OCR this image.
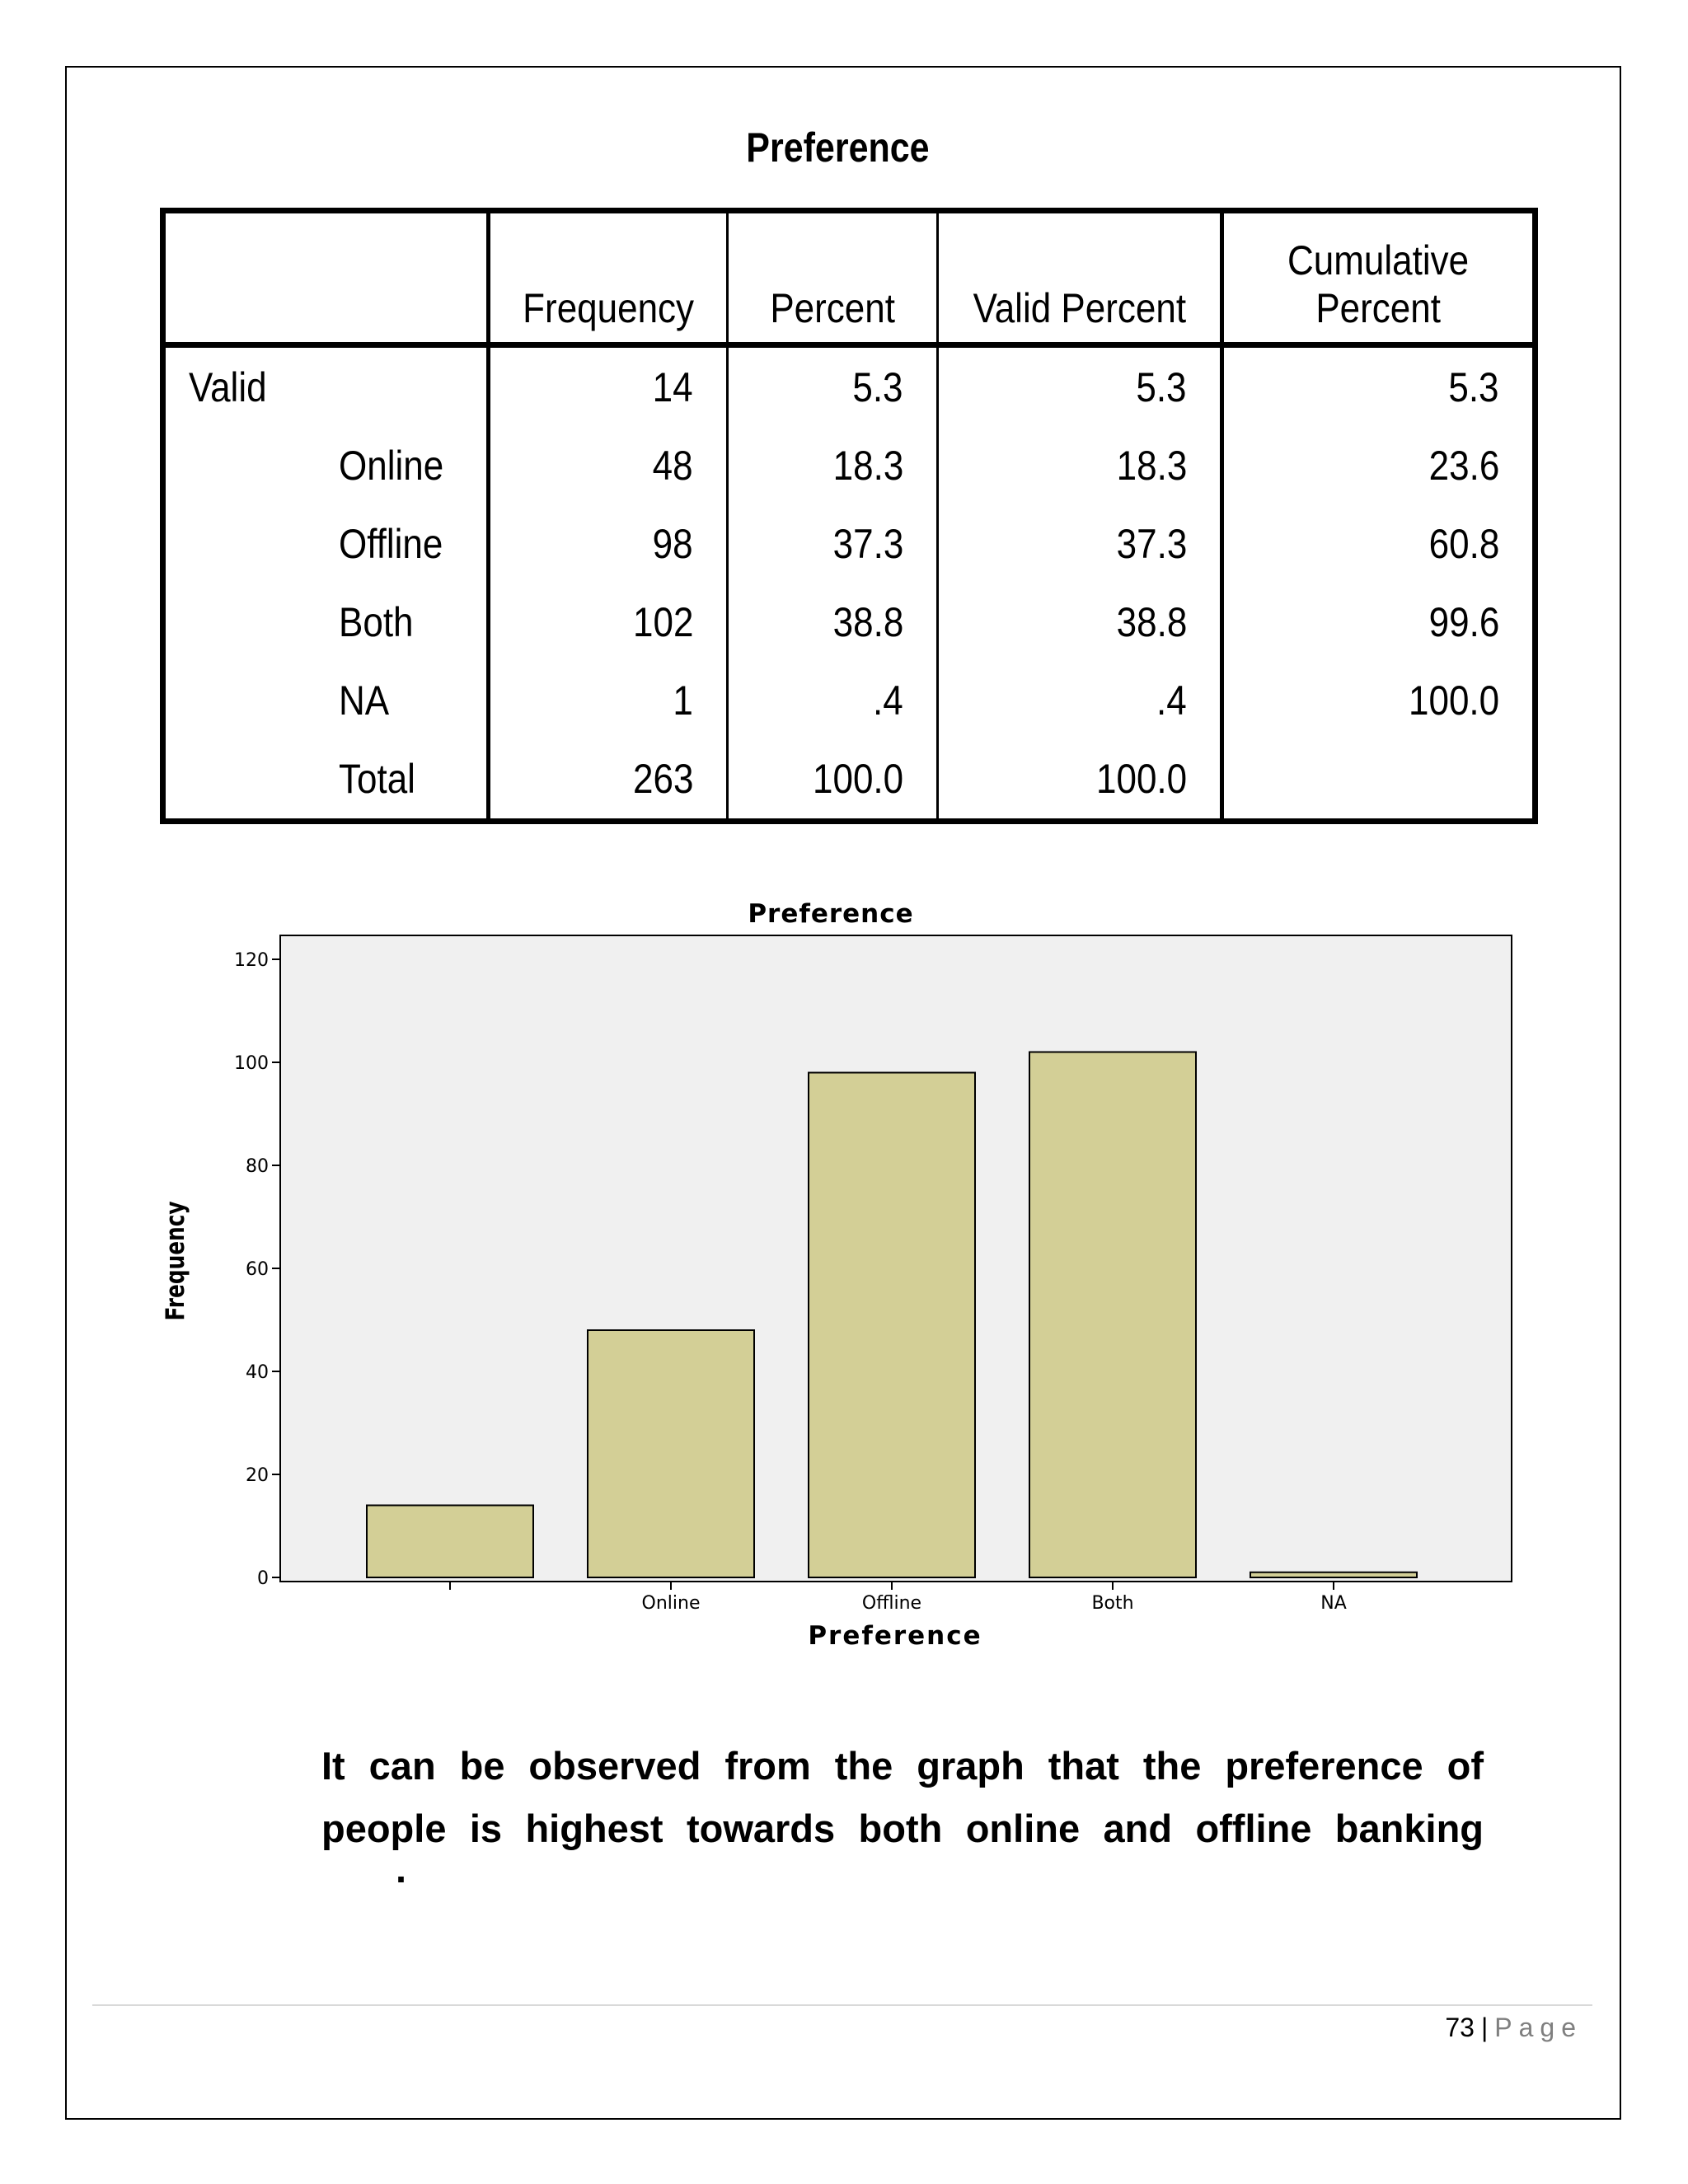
Preference
	Frequency	Percent	Valid Percent	Cumulative
Percent
Valid	14	5.3	5.3	5.3
Online	48	18.3	18.3	23.6
Offline	98	37.3	37.3	60.8
Both	102	38.8	38.8	99.6
NA	1	.4	.4	100.0
Total	263	100.0	100.0	
Preference
0
20
40
60
80
100
120
Online	Offline	Both	NA
Preference
Frequency
It can be observed from the graph that the preference of
people is highest towards both online and offline banking
.
73 | Page
